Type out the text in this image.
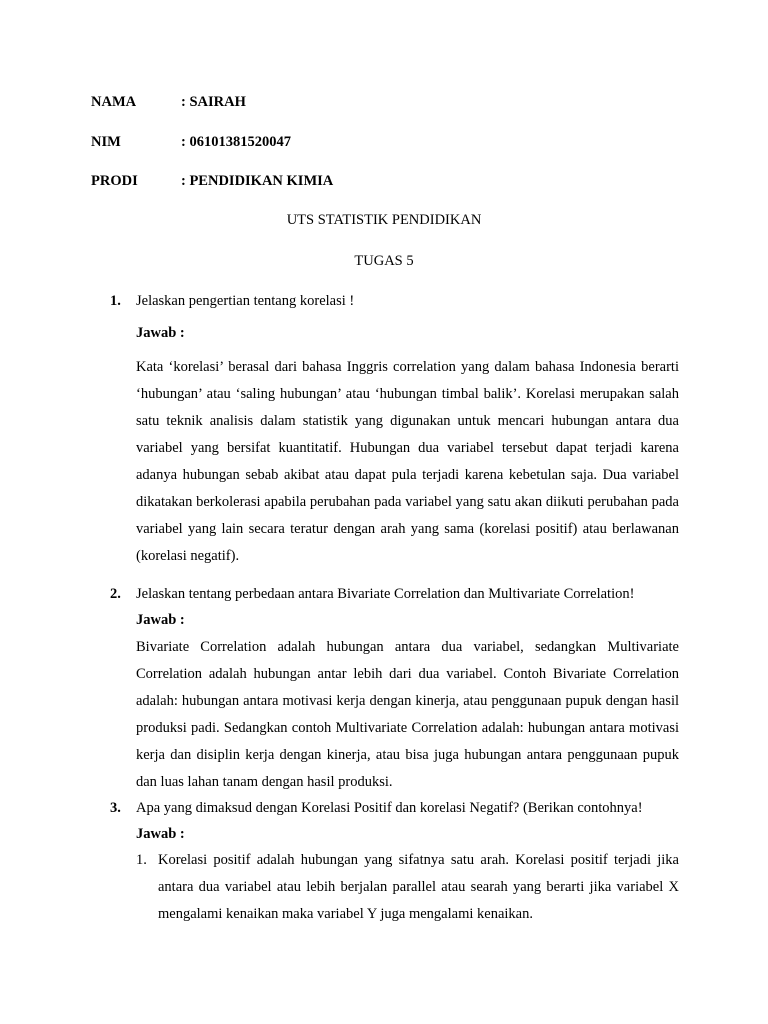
NAMA	: SAIRAH
NIM	: 06101381520047
PRODI	: PENDIDIKAN KIMIA
UTS STATISTIK PENDIDIKAN
TUGAS 5
1. Jelaskan pengertian tentang korelasi !
Jawab :
Kata ‘korelasi’ berasal dari bahasa Inggris correlation yang dalam bahasa Indonesia berarti ‘hubungan’ atau ‘saling hubungan’ atau ‘hubungan timbal balik’. Korelasi merupakan salah satu teknik analisis dalam statistik yang digunakan untuk mencari hubungan antara dua variabel yang bersifat kuantitatif. Hubungan dua variabel tersebut dapat terjadi karena adanya hubungan sebab akibat atau dapat pula terjadi karena kebetulan saja. Dua variabel dikatakan berkolerasi apabila perubahan pada variabel yang satu akan diikuti perubahan pada variabel yang lain secara teratur dengan arah yang sama (korelasi positif) atau berlawanan (korelasi negatif).
2. Jelaskan tentang perbedaan antara Bivariate Correlation dan Multivariate Correlation!
Jawab :
Bivariate Correlation adalah hubungan antara dua variabel, sedangkan Multivariate Correlation adalah hubungan antar lebih dari dua variabel. Contoh Bivariate Correlation adalah: hubungan antara motivasi kerja dengan kinerja, atau penggunaan pupuk dengan hasil produksi padi. Sedangkan contoh Multivariate Correlation adalah: hubungan antara motivasi kerja dan disiplin kerja dengan kinerja, atau bisa juga hubungan antara penggunaan pupuk dan luas lahan tanam dengan hasil produksi.
3. Apa yang dimaksud dengan Korelasi Positif dan korelasi Negatif? (Berikan contohnya!
Jawab :
1. Korelasi positif adalah hubungan yang sifatnya satu arah. Korelasi positif terjadi jika antara dua variabel atau lebih berjalan parallel atau searah yang berarti jika variabel X mengalami kenaikan maka variabel Y juga mengalami kenaikan.
